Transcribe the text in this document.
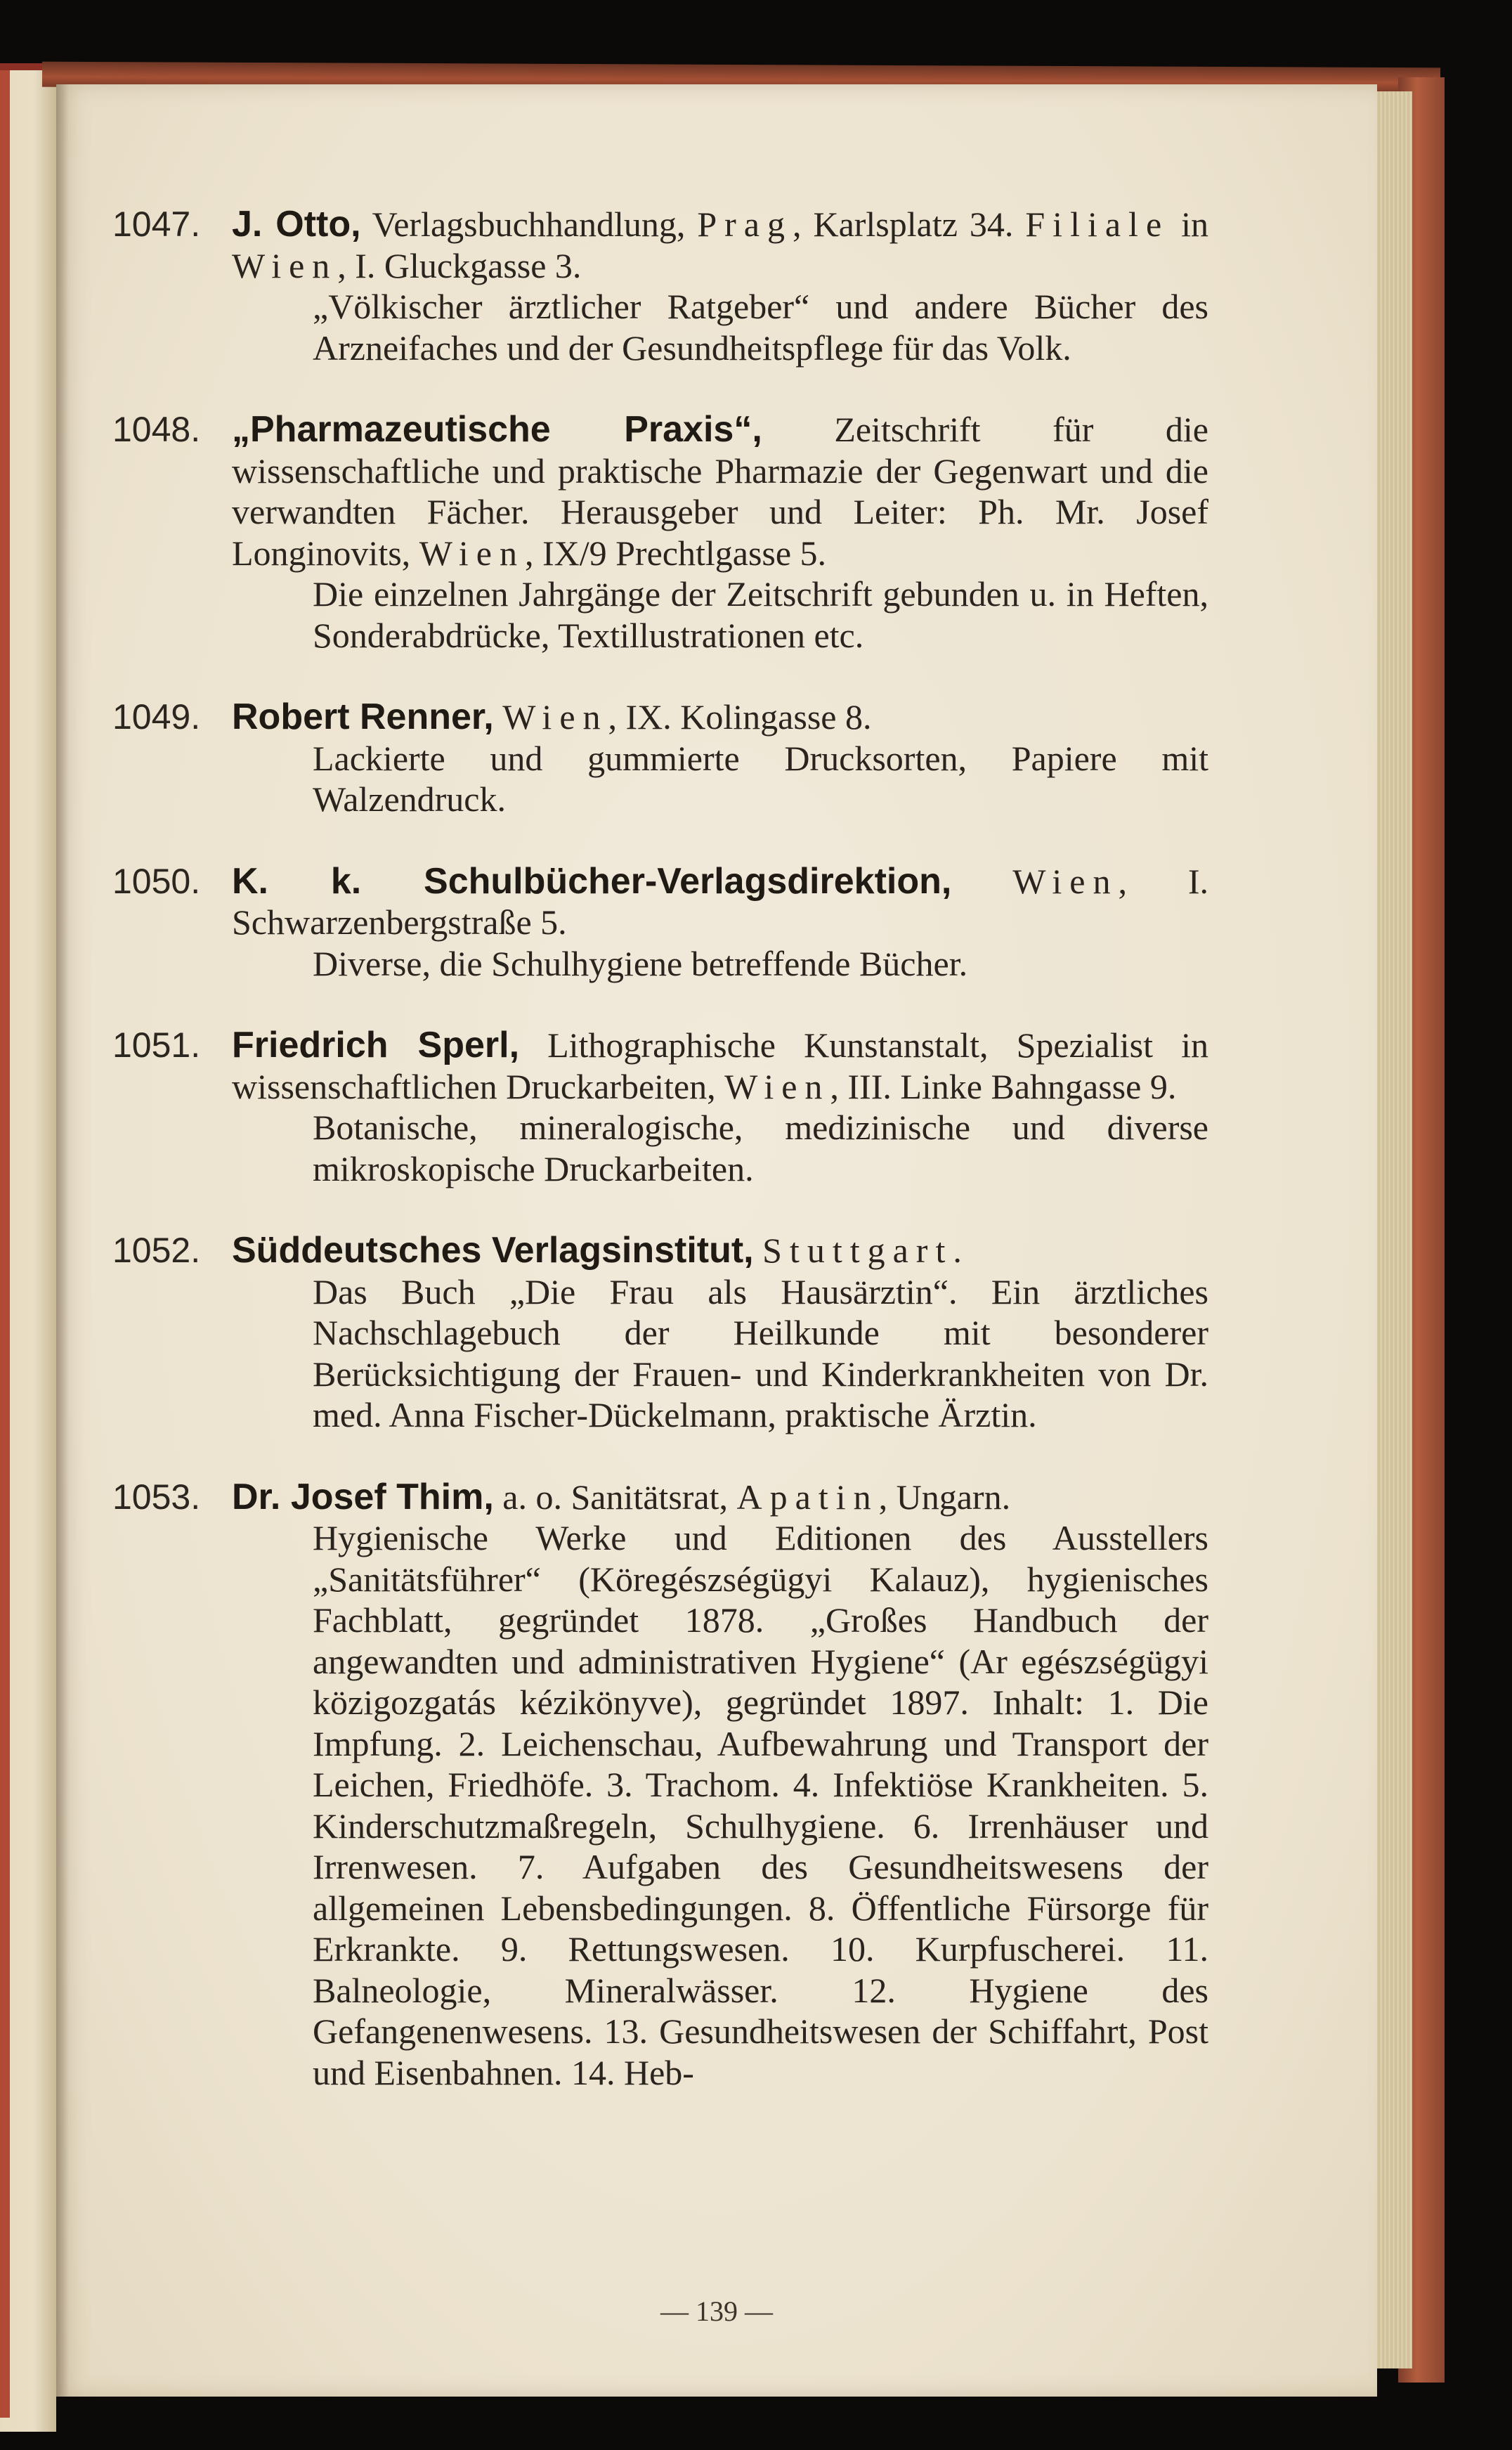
— 139 —
1047. J. Otto, Verlagsbuchhandlung, Prag, Karlsplatz 34. Filiale in Wien, I. Gluckgasse 3.
„Völkischer ärztlicher Ratgeber“ und andere Bücher des Arzneifaches und der Gesundheitspflege für das Volk.
1048. „Pharmazeutische Praxis“, Zeitschrift für die wissenschaftliche und praktische Pharmazie der Gegenwart und die verwandten Fächer. Herausgeber und Leiter: Ph. Mr. Josef Longinovits, Wien, IX/9 Prechtlgasse 5.
Die einzelnen Jahrgänge der Zeitschrift gebunden u. in Heften, Sonderabdrücke, Textillustrationen etc.
1049. Robert Renner, Wien, IX. Kolingasse 8.
Lackierte und gummierte Drucksorten, Papiere mit Walzendruck.
1050. K. k. Schulbücher-Verlagsdirektion, Wien, I. Schwarzenbergstraße 5.
Diverse, die Schulhygiene betreffende Bücher.
1051. Friedrich Sperl, Lithographische Kunstanstalt, Spezialist in wissenschaftlichen Druckarbeiten, Wien, III. Linke Bahngasse 9.
Botanische, mineralogische, medizinische und diverse mikroskopische Druckarbeiten.
1052. Süddeutsches Verlagsinstitut, Stuttgart.
Das Buch „Die Frau als Hausärztin“. Ein ärztliches Nachschlagebuch der Heilkunde mit besonderer Berücksichtigung der Frauen- und Kinderkrankheiten von Dr. med. Anna Fischer-Dückelmann, praktische Ärztin.
1053. Dr. Josef Thim, a. o. Sanitätsrat, Apatin, Ungarn.
Hygienische Werke und Editionen des Ausstellers „Sanitätsführer“ (Köregészségügyi Kalauz), hygienisches Fachblatt, gegründet 1878. „Großes Handbuch der angewandten und administrativen Hygiene“ (Ar egészségügyi közigozgatás kézikönyve), gegründet 1897. Inhalt: 1. Die Impfung. 2. Leichenschau, Aufbewahrung und Transport der Leichen, Friedhöfe. 3. Trachom. 4. Infektiöse Krankheiten. 5. Kinderschutzmaßregeln, Schulhygiene. 6. Irrenhäuser und Irrenwesen. 7. Aufgaben des Gesundheitswesens der allgemeinen Lebensbedingungen. 8. Öffentliche Fürsorge für Erkrankte. 9. Rettungswesen. 10. Kurpfuscherei. 11. Balneologie, Mineralwässer. 12. Hygiene des Gefangenenwesens. 13. Gesundheitswesen der Schiffahrt, Post und Eisenbahnen. 14. Heb-
